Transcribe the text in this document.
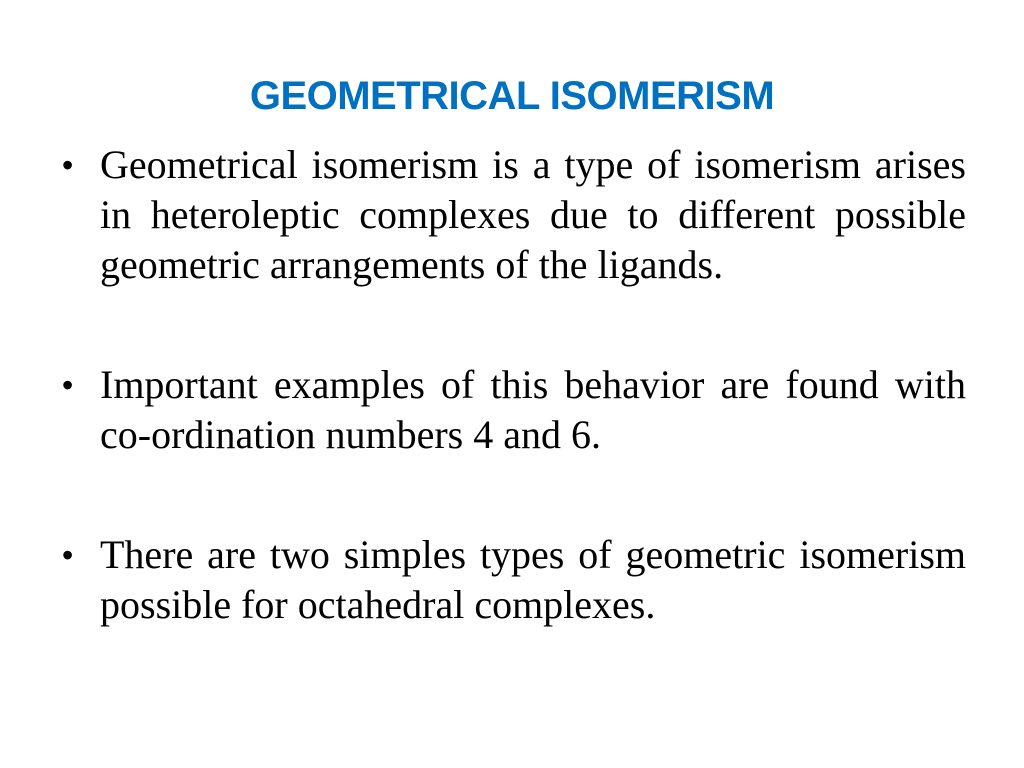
GEOMETRICAL ISOMERISM
• Geometrical isomerism is a type of isomerism arises in heteroleptic complexes due to different possible geometric arrangements of the ligands.
• Important examples of this behavior are found with co-ordination numbers 4 and 6.
• There are two simples types of geometric isomerism possible for octahedral complexes.
